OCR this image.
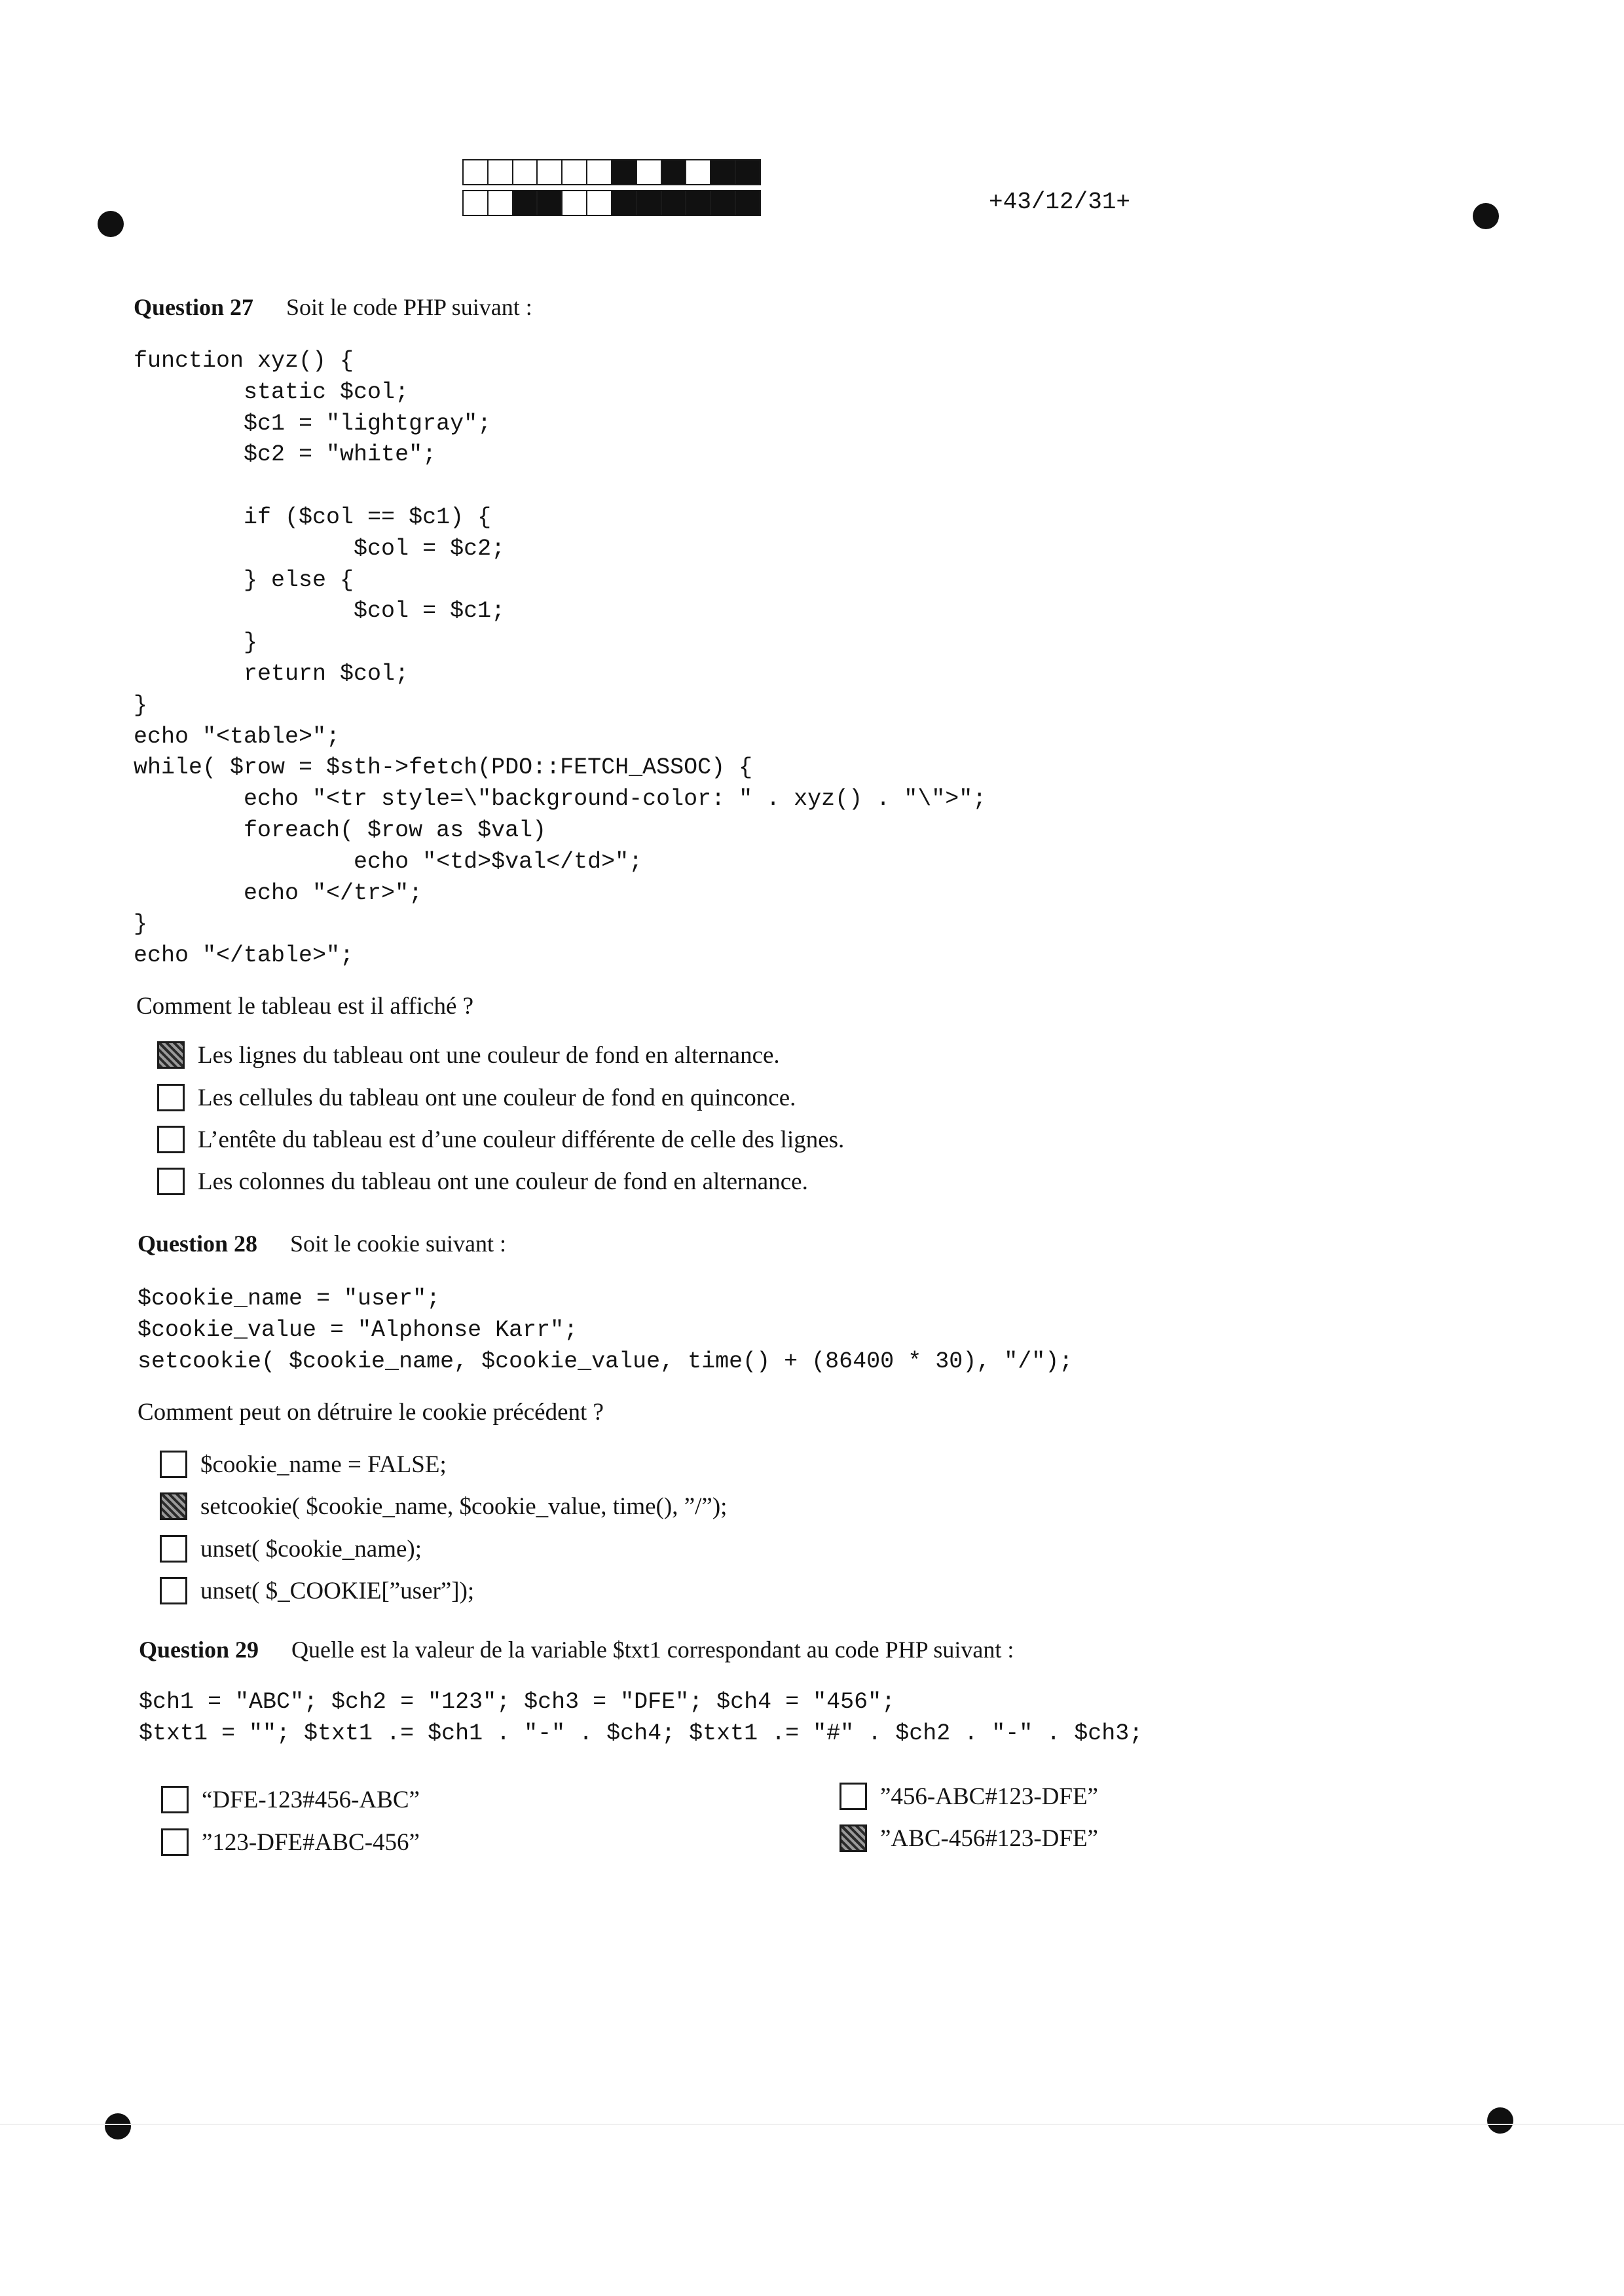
+43/12/31+
Question 27 Soit le code PHP suivant :
function xyz() {
static $col;
$c1 = "lightgray";
$c2 = "white";

if ($col == $c1) {
$col = $c2;
} else {
$col = $c1;
}
return $col;
}
echo "<table>";
while( $row = $sth->fetch(PDO::FETCH_ASSOC) {
echo "<tr style=\"background-color: " . xyz() . "\">";
foreach( $row as $val)
echo "<td>$val</td>";
echo "</tr>";
}
echo "</table>";
Comment le tableau est il affiché ?
Les lignes du tableau ont une couleur de fond en alternance.
Les cellules du tableau ont une couleur de fond en quinconce.
L’entête du tableau est d’une couleur différente de celle des lignes.
Les colonnes du tableau ont une couleur de fond en alternance.
Question 28 Soit le cookie suivant :
$cookie_name = "user";
$cookie_value = "Alphonse Karr";
setcookie( $cookie_name, $cookie_value, time() + (86400 * 30), "/");
Comment peut on détruire le cookie précédent ?
$cookie_name = FALSE;
setcookie( $cookie_name, $cookie_value, time(), ”/”);
unset( $cookie_name);
unset( $_COOKIE[”user”]);
Question 29 Quelle est la valeur de la variable $txt1 correspondant au code PHP suivant :
$ch1 = "ABC"; $ch2 = "123"; $ch3 = "DFE"; $ch4 = "456";
$txt1 = ""; $txt1 .= $ch1 . "-" . $ch4; $txt1 .= "#" . $ch2 . "-" . $ch3;
“DFE-123#456-ABC”
”123-DFE#ABC-456”
”456-ABC#123-DFE”
”ABC-456#123-DFE”
